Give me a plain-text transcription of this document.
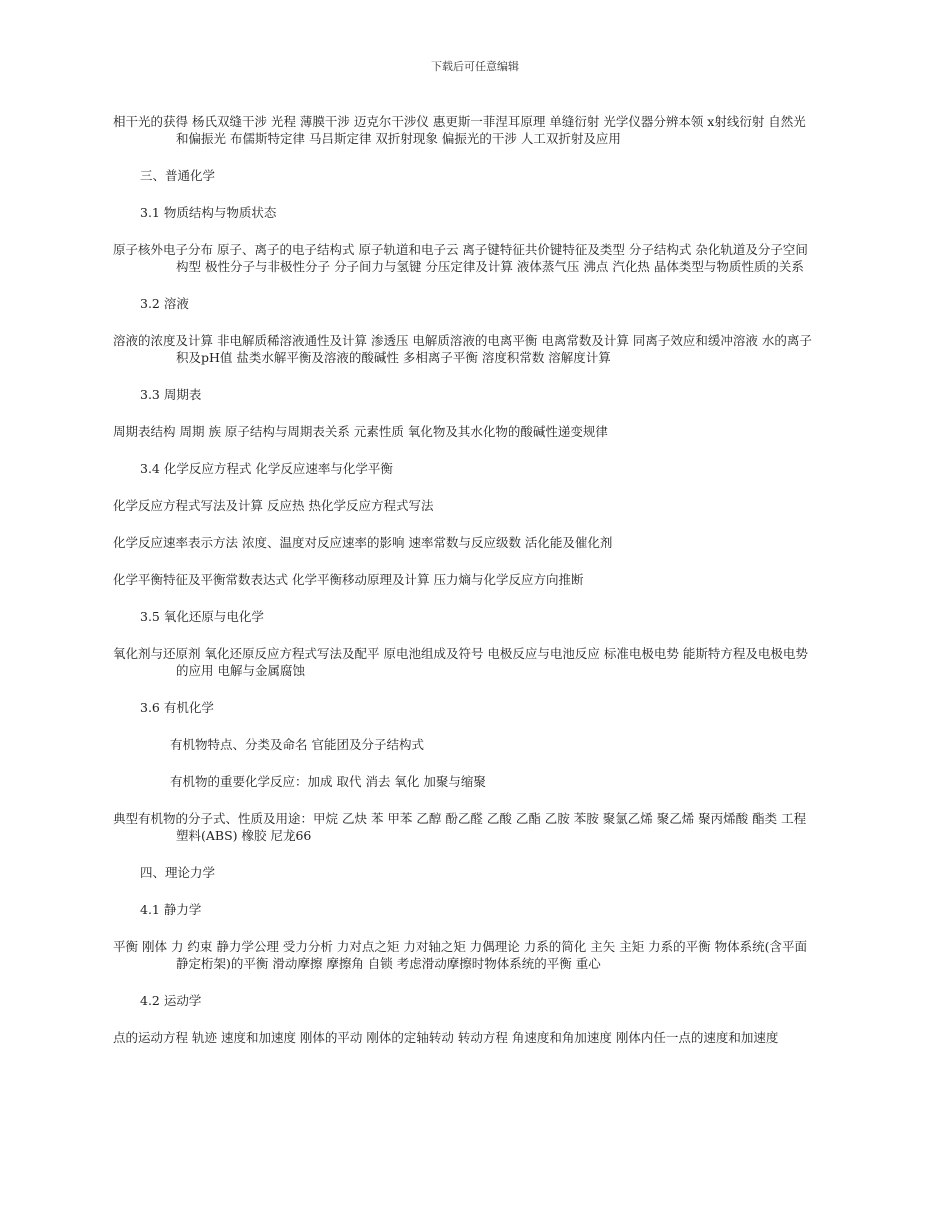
下载后可任意编辑

相干光的获得 杨氏双缝干涉 光程 薄膜干涉 迈克尔干涉仪 惠更斯一菲涅耳原理 单缝衍射 光学仪器分辨本领 x射线衍射 自然光和偏振光 布儒斯特定律 马吕斯定律 双折射现象 偏振光的干涉 人工双折射及应用

三、普通化学

3.1 物质结构与物质状态

原子核外电子分布 原子、离子的电子结构式 原子轨道和电子云 离子键特征共价键特征及类型 分子结构式 杂化轨道及分子空间构型 极性分子与非极性分子 分子间力与氢键 分压定律及计算 液体蒸气压 沸点 汽化热 晶体类型与物质性质的关系

3.2 溶液

溶液的浓度及计算 非电解质稀溶液通性及计算 渗透压 电解质溶液的电离平衡 电离常数及计算 同离子效应和缓冲溶液 水的离子积及pH值 盐类水解平衡及溶液的酸碱性 多相离子平衡 溶度积常数 溶解度计算

3.3 周期表

周期表结构 周期 族 原子结构与周期表关系 元素性质 氧化物及其水化物的酸碱性递变规律

3.4 化学反应方程式 化学反应速率与化学平衡

化学反应方程式写法及计算 反应热 热化学反应方程式写法

化学反应速率表示方法 浓度、温度对反应速率的影响 速率常数与反应级数 活化能及催化剂

化学平衡特征及平衡常数表达式 化学平衡移动原理及计算 压力熵与化学反应方向推断

3.5 氧化还原与电化学

氧化剂与还原剂 氧化还原反应方程式写法及配平 原电池组成及符号 电极反应与电池反应 标准电极电势 能斯特方程及电极电势的应用 电解与金属腐蚀

3.6 有机化学

有机物特点、分类及命名 官能团及分子结构式

有机物的重要化学反应：加成 取代 消去 氧化 加聚与缩聚

典型有机物的分子式、性质及用途：甲烷 乙炔 苯 甲苯 乙醇 酚乙醛 乙酸 乙酯 乙胺 苯胺 聚氯乙烯 聚乙烯 聚丙烯酸 酯类 工程塑料(ABS) 橡胶 尼龙66

四、理论力学

4.1 静力学

平衡 刚体 力 约束 静力学公理 受力分析 力对点之矩 力对轴之矩 力偶理论 力系的简化 主矢 主矩 力系的平衡 物体系统(含平面静定桁架)的平衡 滑动摩擦 摩擦角 自锁 考虑滑动摩擦时物体系统的平衡 重心

4.2 运动学

点的运动方程 轨迹 速度和加速度 刚体的平动 刚体的定轴转动 转动方程 角速度和角加速度 刚体内任一点的速度和加速度
